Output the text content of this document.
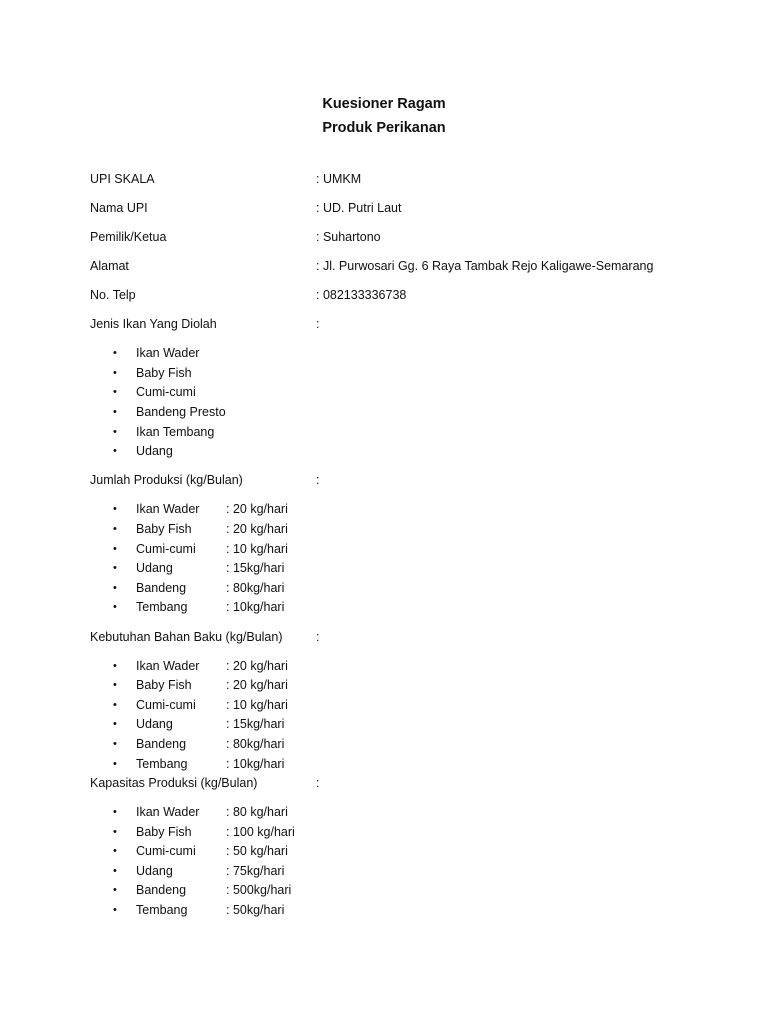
Kuesioner Ragam
Produk Perikanan
UPI SKALA	: UMKM
Nama UPI	: UD. Putri Laut
Pemilik/Ketua	: Suhartono
Alamat	: Jl. Purwosari Gg. 6 Raya Tambak Rejo Kaligawe-Semarang
No. Telp	: 082133336738
Jenis Ikan Yang Diolah	:
• Ikan Wader
• Baby Fish
• Cumi-cumi
• Bandeng Presto
• Ikan Tembang
• Udang
Jumlah Produksi (kg/Bulan)	:
• Ikan Wader : 20 kg/hari
• Baby Fish	: 20 kg/hari
• Cumi-cumi : 10 kg/hari
• Udang	: 15kg/hari
• Bandeng	: 80kg/hari
• Tembang	: 10kg/hari
Kebutuhan Bahan Baku (kg/Bulan)	:
• Ikan Wader : 20 kg/hari
• Baby Fish	: 20 kg/hari
• Cumi-cumi : 10 kg/hari
• Udang	: 15kg/hari
• Bandeng	: 80kg/hari
• Tembang	: 10kg/hari
Kapasitas Produksi (kg/Bulan)	:
• Ikan Wader : 80 kg/hari
• Baby Fish	: 100 kg/hari
• Cumi-cumi : 50 kg/hari
• Udang	: 75kg/hari
• Bandeng	: 500kg/hari
• Tembang	: 50kg/hari
